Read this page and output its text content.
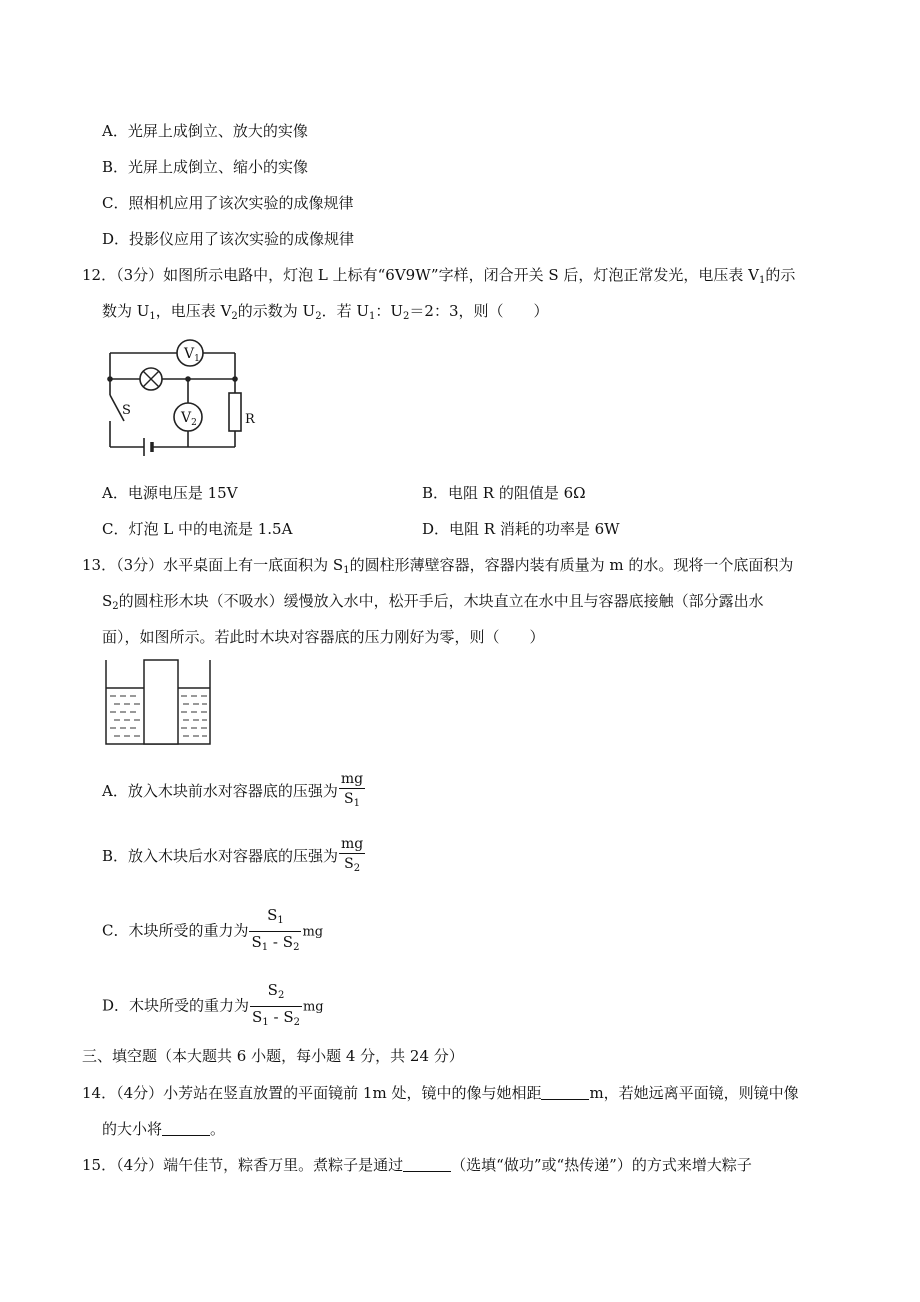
A．光屏上成倒立、放大的实像
B．光屏上成倒立、缩小的实像
C．照相机应用了该次实验的成像规律
D．投影仪应用了该次实验的成像规律
12．（3分）如图所示电路中，灯泡 L 上标有“6V9W”字样，闭合开关 S 后，灯泡正常发光，电压表 $V_1$的示
数为 $U_1$，电压表 $V_2$的示数为 $U_2$．若 $U_1$：$U_2=2$：3，则（　　）
$V_1$
$V_2$
S
R
A．电源电压是 15V	B．电阻 R 的阻值是 6Ω
C．灯泡 L 中的电流是 1.5A	D．电阻 R 消耗的功率是 6W
13．（3分）水平桌面上有一底面积为 $S_1$的圆柱形薄壁容器，容器内装有质量为 m 的水。现将一个底面积为
$S_2$的圆柱形木块（不吸水）缓慢放入水中，松开手后，木块直立在水中且与容器底接触（部分露出水
面），如图所示。若此时木块对容器底的压力刚好为零，则（　　）
A．放入木块前水对容器底的压强为 $\frac{mg}{S_1}$
B．放入木块后水对容器底的压强为 $\frac{mg}{S_2}$
C．木块所受的重力为 $\frac{S_1}{S_1 - S_2}$ mg
D．木块所受的重力为 $\frac{S_2}{S_1 - S_2}$ mg
三、填空题（本大题共 6 小题，每小题 4 分，共 24 分）
14．（4分）小芳站在竖直放置的平面镜前 1m 处，镜中的像与她相距	m，若她远离平面镜，则镜中像
的大小将	。
15．（4分）端午佳节，粽香万里。煮粽子是通过	（选填“做功”或“热传递”）的方式来增大粽子
